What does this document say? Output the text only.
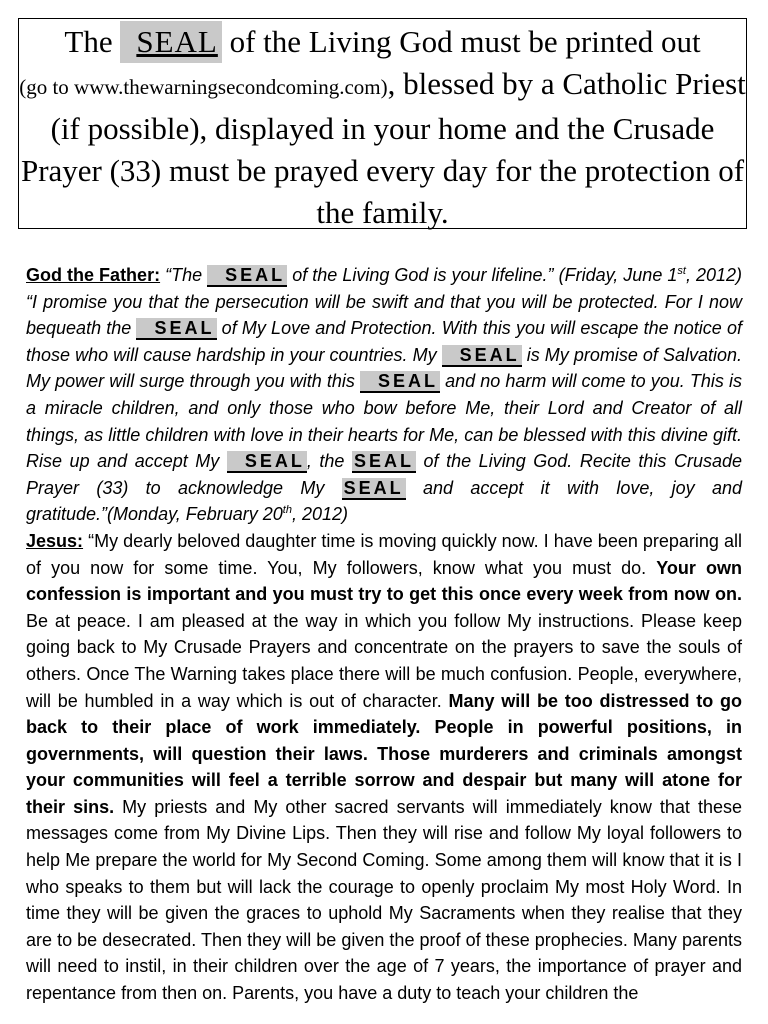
The SEAL of the Living God must be printed out
(go to www.thewarningsecondcoming.com), blessed by a Catholic Priest (if possible), displayed in your home and the Crusade Prayer (33) must be prayed every day for the protection of the family.

God the Father: “The SEAL of the Living God is your lifeline.” (Friday, June 1st, 2012) “I promise you that the persecution will be swift and that you will be protected. For I now bequeath the SEAL of My Love and Protection. With this you will escape the notice of those who will cause hardship in your countries. My SEAL is My promise of Salvation. My power will surge through you with this SEAL and no harm will come to you. This is a miracle children, and only those who bow before Me, their Lord and Creator of all things, as little children with love in their hearts for Me, can be blessed with this divine gift. Rise up and accept My SEAL , the SEAL of the Living God. Recite this Crusade Prayer (33) to acknowledge My SEAL and accept it with love, joy and gratitude.”(Monday, February 20th, 2012)

Jesus: “My dearly beloved daughter time is moving quickly now. I have been preparing all of you now for some time. You, My followers, know what you must do. Your own confession is important and you must try to get this once every week from now on. Be at peace. I am pleased at the way in which you follow My instructions. Please keep going back to My Crusade Prayers and concentrate on the prayers to save the souls of others. Once The Warning takes place there will be much confusion. People, everywhere, will be humbled in a way which is out of character. Many will be too distressed to go back to their place of work immediately. People in powerful positions, in governments, will question their laws. Those murderers and criminals amongst your communities will feel a terrible sorrow and despair but many will atone for their sins. My priests and My other sacred servants will immediately know that these messages come from My Divine Lips. Then they will rise and follow My loyal followers to help Me prepare the world for My Second Coming. Some among them will know that it is I who speaks to them but will lack the courage to openly proclaim My most Holy Word. In time they will be given the graces to uphold My Sacraments when they realise that they are to be desecrated. Then they will be given the proof of these prophecies. Many parents will need to instil, in their children over the age of 7 years, the importance of prayer and repentance from then on. Parents, you have a duty to teach your children the
